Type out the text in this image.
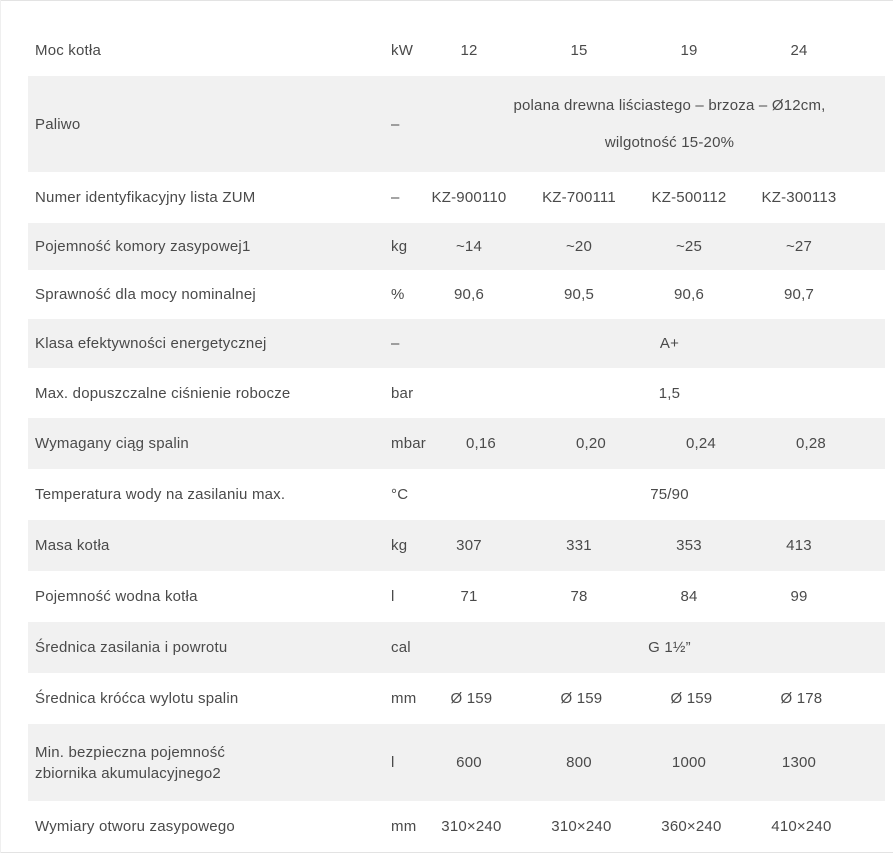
Moc kotła	kW	12	15	19	24
Paliwo	–
polana drewna liściastego – brzoza – Ø12cm,
wilgotność 15-20%
Numer identyfikacyjny lista ZUM	–	KZ-900110	KZ-700111	KZ-500112	KZ-300113
Pojemność komory zasypowej1	kg	~14	~20	~25	~27
Sprawność dla mocy nominalnej	%	90,6	90,5	90,6	90,7
Klasa efektywności energetycznej	–	A+
Max. dopuszczalne ciśnienie robocze	bar	1,5
Wymagany ciąg spalin	mbar	0,16	0,20	0,24	0,28
Temperatura wody na zasilaniu max.	°C	75/90
Masa kotła	kg	307	331	353	413
Pojemność wodna kotła	l	71	78	84	99
Średnica zasilania i powrotu	cal	G 1½”
Średnica króćca wylotu spalin	mm	Ø 159	Ø 159	Ø 159	Ø 178
Min. bezpieczna pojemność
zbiornika akumulacyjnego2
l	600	800	1000	1300
Wymiary otworu zasypowego	mm	310×240	310×240	360×240	410×240
